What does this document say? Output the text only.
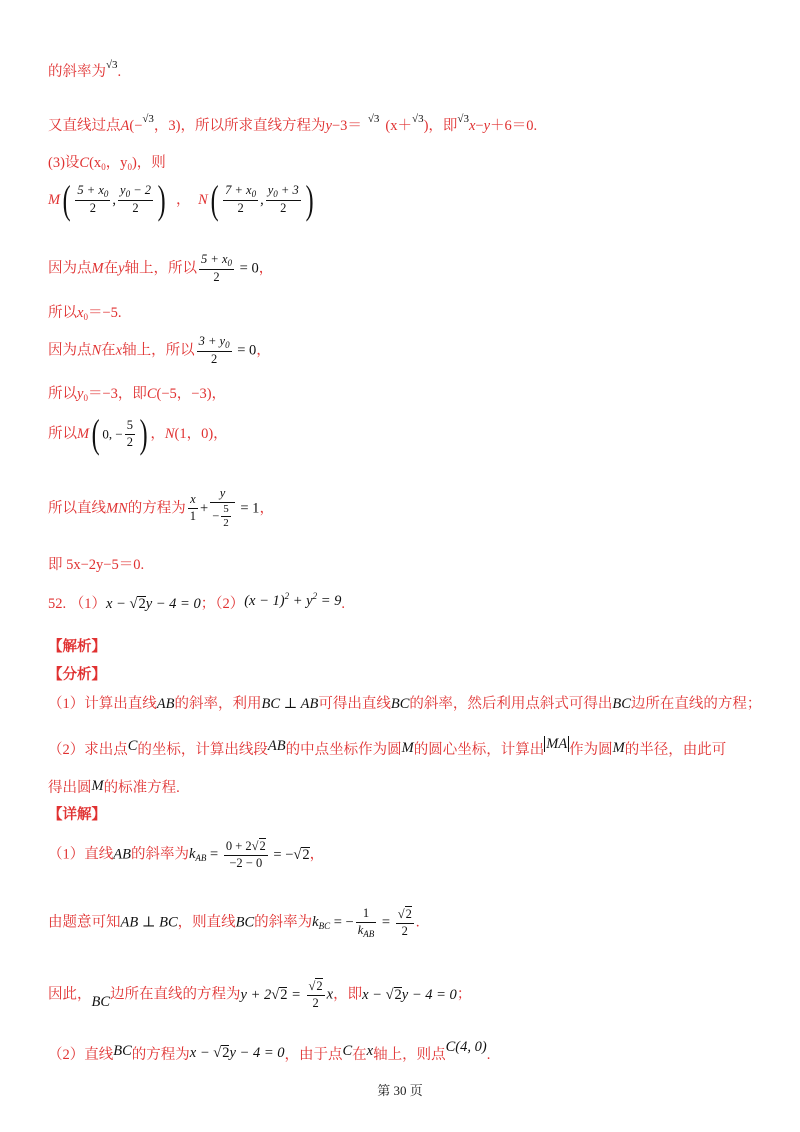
的斜率为$^{√3}$.
又直线过点A(−$^{√3}$，3)，所以所求直线方程为y−3＝ $^{√3}$ (x＋$^{√3}$)，即$^{√3}$x−y＋6＝0.
(3)设$C(x_0$，$y_0$)，则
$M( \frac{5 + x_0}{2}$ , $\frac{y_0 - 2}{2}$ ) ， $N( \frac{7 + x_0}{2}$ , $\frac{y_0 + 3}{2}$ )
因为点M在y轴上，所以 $\frac{5 + x_0}{2} = 0$，
所以$x_0=-5$.
因为点N在x轴上，所以 $\frac{3 + y_0}{2} = 0$，
所以$y_0=-3$，即C(−5，−3)，
所以M( 0, − $\frac{5}{2}$ ) ，N(1，0)，
所以直线MN的方程为 $\frac{x}{1} + \frac{y}{- \frac{5}{2}} = 1$，
即 5x−2y−5＝0.
52. （1）x − √2y − 4 = 0；$(2)(x - 1)^2 + y^2 = 9$.
【解析】
【分析】
（1）计算出直线AB的斜率，利用BC ⊥ AB可得出直线BC的斜率，然后利用点斜式可得出BC边所在直线的方程；
（2）求出点C的坐标，计算出线段AB的中点坐标作为圆M的圆心坐标，计算出 MA 作为圆M的半径，由此可
得出圆M的标准方程.
【详解】
（1）直线AB的斜率为$k_{AB} = \frac{0 + 2√2}{-2 - 0} = -√2$，
由题意可知AB ⊥ BC，则直线BC的斜率为$k_{BC}$ = − $\frac{1}{k_{AB}} = \frac{√2}{2}$ .
因此，BC边所在直线的方程为$y + 2√2 = \frac{√2}{2}$ x，即x − √2y − 4 = 0；
（2）直线BC的方程为x − √2y − 4 = 0，由于点C在x轴上，则点C(4, 0).
第 30 页
